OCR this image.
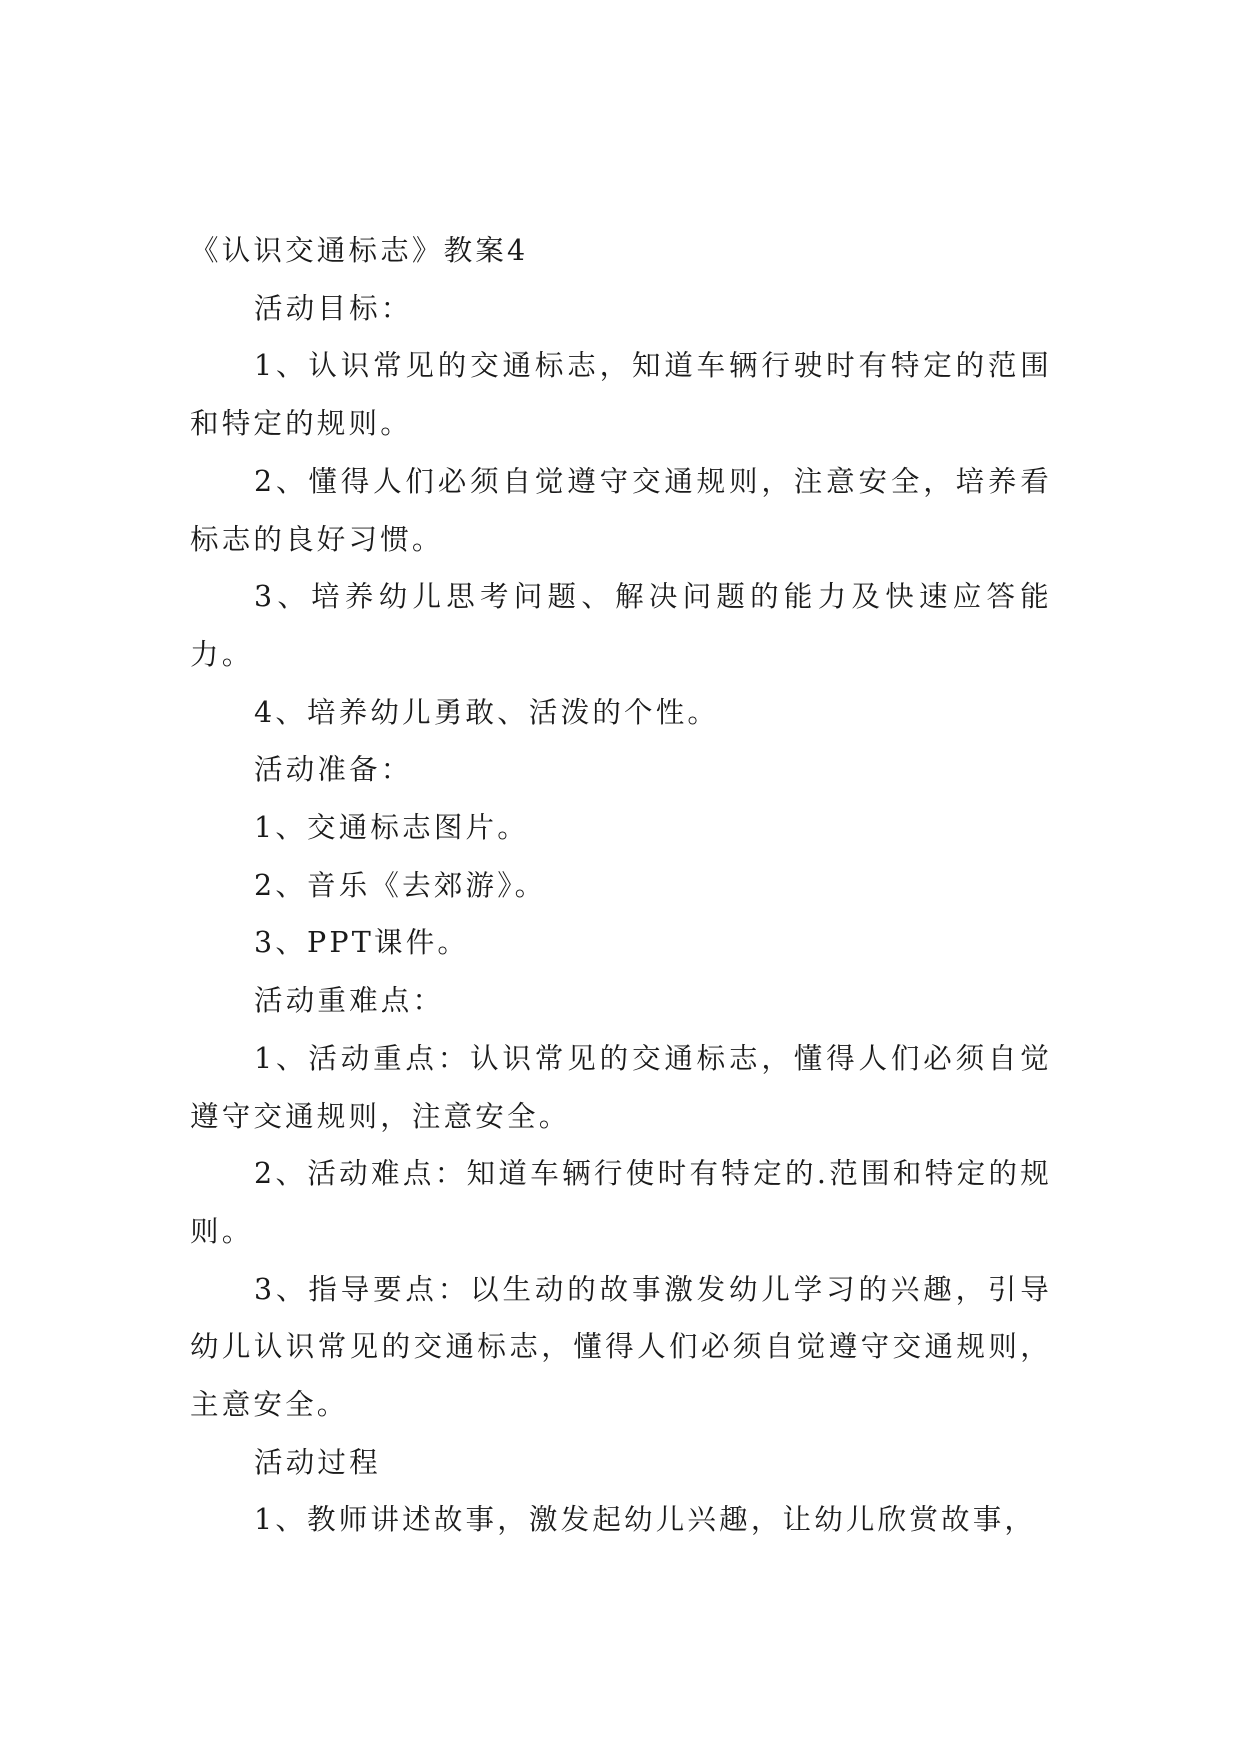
《认识交通标志》教案4

活动目标：

1、认识常见的交通标志，知道车辆行驶时有特定的范围和特定的规则。

2、懂得人们必须自觉遵守交通规则，注意安全，培养看标志的良好习惯。

3、培养幼儿思考问题、解决问题的能力及快速应答能力。

4、培养幼儿勇敢、活泼的个性。

活动准备：

1、交通标志图片。

2、音乐《去郊游》。

3、PPT课件。

活动重难点：

1、活动重点：认识常见的交通标志，懂得人们必须自觉遵守交通规则，注意安全。

2、活动难点：知道车辆行使时有特定的.范围和特定的规则。

3、指导要点：以生动的故事激发幼儿学习的兴趣，引导幼儿认识常见的交通标志，懂得人们必须自觉遵守交通规则，主意安全。

活动过程

1、教师讲述故事，激发起幼儿兴趣，让幼儿欣赏故事，
